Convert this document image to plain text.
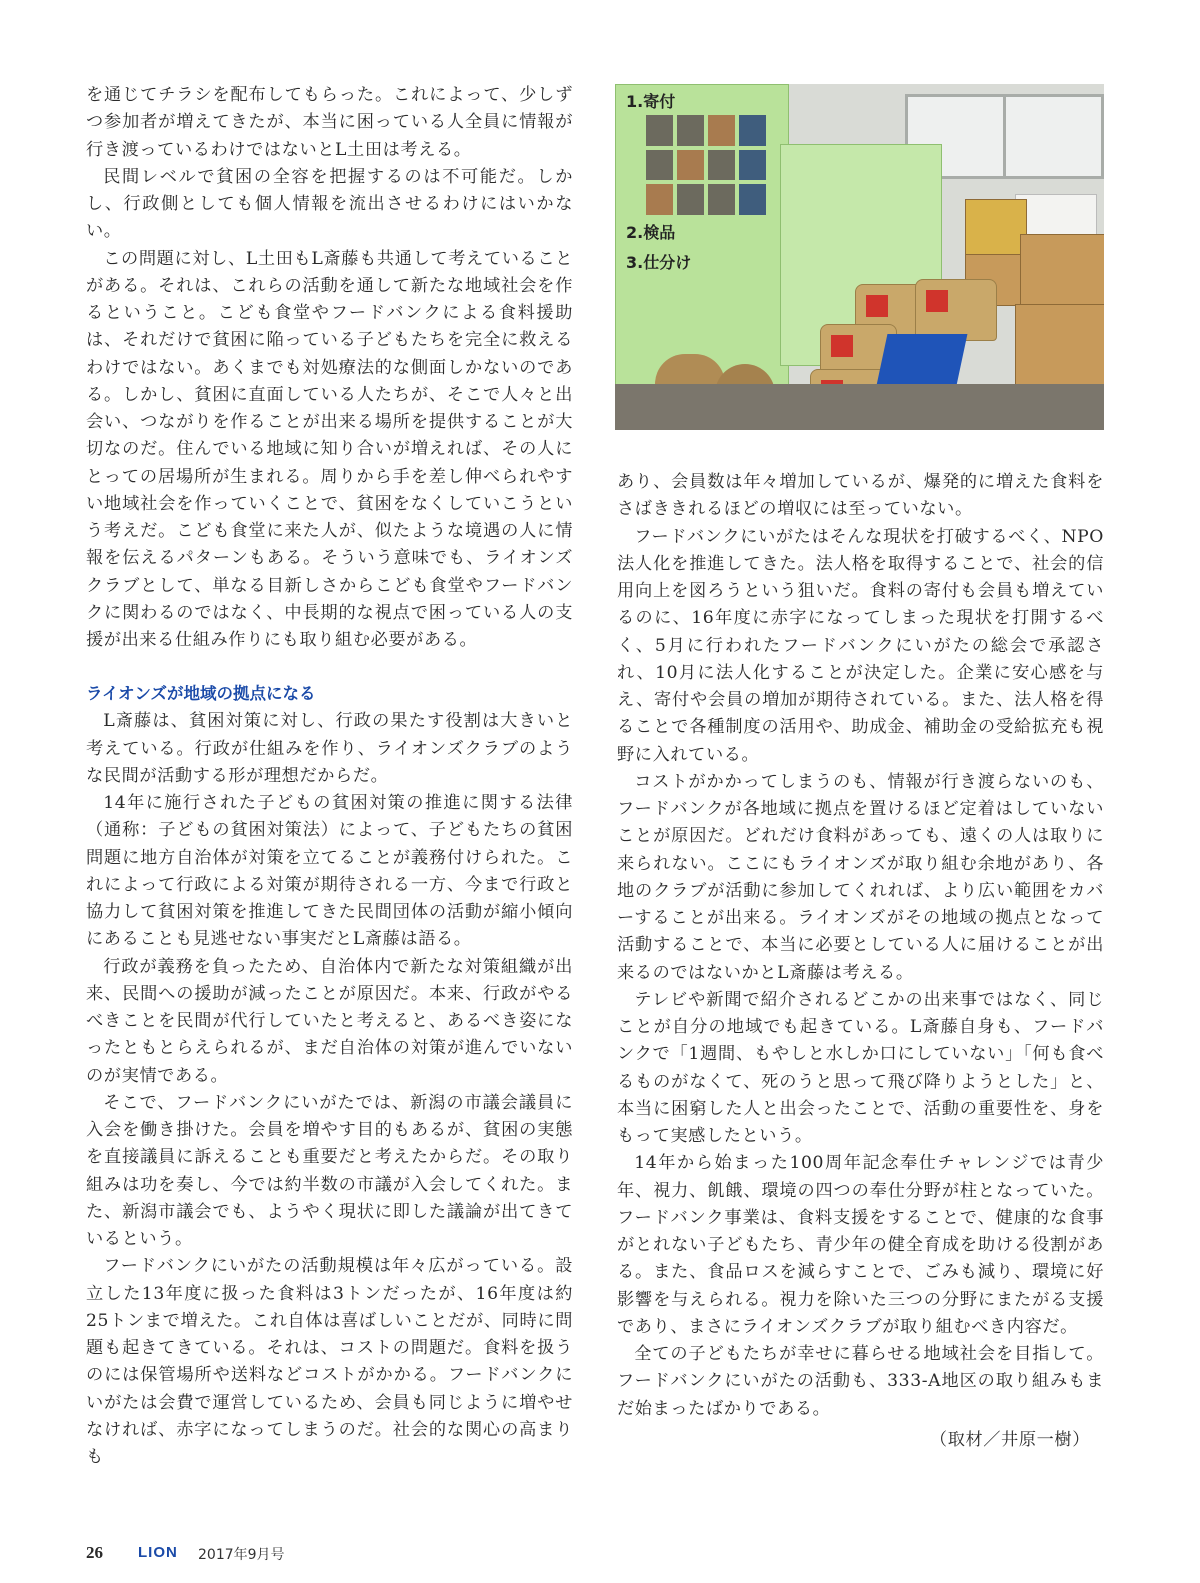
を通じてチラシを配布してもらった。これによって、少しずつ参加者が増えてきたが、本当に困っている人全員に情報が行き渡っているわけではないとL土田は考える。

民間レベルで貧困の全容を把握するのは不可能だ。しかし、行政側としても個人情報を流出させるわけにはいかない。

この問題に対し、L土田もL斎藤も共通して考えていることがある。それは、これらの活動を通して新たな地域社会を作るということ。こども食堂やフードバンクによる食料援助は、それだけで貧困に陥っている子どもたちを完全に救えるわけではない。あくまでも対処療法的な側面しかないのである。しかし、貧困に直面している人たちが、そこで人々と出会い、つながりを作ることが出来る場所を提供することが大切なのだ。住んでいる地域に知り合いが増えれば、その人にとっての居場所が生まれる。周りから手を差し伸べられやすい地域社会を作っていくことで、貧困をなくしていこうという考えだ。こども食堂に来た人が、似たような境遇の人に情報を伝えるパターンもある。そういう意味でも、ライオンズクラブとして、単なる目新しさからこども食堂やフードバンクに関わるのではなく、中長期的な視点で困っている人の支援が出来る仕組み作りにも取り組む必要がある。

ライオンズが地域の拠点になる

L斎藤は、貧困対策に対し、行政の果たす役割は大きいと考えている。行政が仕組みを作り、ライオンズクラブのような民間が活動する形が理想だからだ。

14年に施行された子どもの貧困対策の推進に関する法律（通称：子どもの貧困対策法）によって、子どもたちの貧困問題に地方自治体が対策を立てることが義務付けられた。これによって行政による対策が期待される一方、今まで行政と協力して貧困対策を推進してきた民間団体の活動が縮小傾向にあることも見逃せない事実だとL斎藤は語る。

行政が義務を負ったため、自治体内で新たな対策組織が出来、民間への援助が減ったことが原因だ。本来、行政がやるべきことを民間が代行していたと考えると、あるべき姿になったともとらえられるが、まだ自治体の対策が進んでいないのが実情である。

そこで、フードバンクにいがたでは、新潟の市議会議員に入会を働き掛けた。会員を増やす目的もあるが、貧困の実態を直接議員に訴えることも重要だと考えたからだ。その取り組みは功を奏し、今では約半数の市議が入会してくれた。また、新潟市議会でも、ようやく現状に即した議論が出てきているという。

フードバンクにいがたの活動規模は年々広がっている。設立した13年度に扱った食料は3トンだったが、16年度は約25トンまで増えた。これ自体は喜ばしいことだが、同時に問題も起きてきている。それは、コストの問題だ。食料を扱うのには保管場所や送料などコストがかかる。フードバンクにいがたは会費で運営しているため、会員も同じように増やせなければ、赤字になってしまうのだ。社会的な関心の高まりも

1.寄付
2.検品
3.仕分け

あり、会員数は年々増加しているが、爆発的に増えた食料をさばききれるほどの増収には至っていない。

フードバンクにいがたはそんな現状を打破するべく、NPO法人化を推進してきた。法人格を取得することで、社会的信用向上を図ろうという狙いだ。食料の寄付も会員も増えているのに、16年度に赤字になってしまった現状を打開するべく、5月に行われたフードバンクにいがたの総会で承認され、10月に法人化することが決定した。企業に安心感を与え、寄付や会員の増加が期待されている。また、法人格を得ることで各種制度の活用や、助成金、補助金の受給拡充も視野に入れている。

コストがかかってしまうのも、情報が行き渡らないのも、フードバンクが各地域に拠点を置けるほど定着はしていないことが原因だ。どれだけ食料があっても、遠くの人は取りに来られない。ここにもライオンズが取り組む余地があり、各地のクラブが活動に参加してくれれば、より広い範囲をカバーすることが出来る。ライオンズがその地域の拠点となって活動することで、本当に必要としている人に届けることが出来るのではないかとL斎藤は考える。

テレビや新聞で紹介されるどこかの出来事ではなく、同じことが自分の地域でも起きている。L斎藤自身も、フードバンクで「1週間、もやしと水しか口にしていない」「何も食べるものがなくて、死のうと思って飛び降りようとした」と、本当に困窮した人と出会ったことで、活動の重要性を、身をもって実感したという。

14年から始まった100周年記念奉仕チャレンジでは青少年、視力、飢餓、環境の四つの奉仕分野が柱となっていた。フードバンク事業は、食料支援をすることで、健康的な食事がとれない子どもたち、青少年の健全育成を助ける役割がある。また、食品ロスを減らすことで、ごみも減り、環境に好影響を与えられる。視力を除いた三つの分野にまたがる支援であり、まさにライオンズクラブが取り組むべき内容だ。

全ての子どもたちが幸せに暮らせる地域社会を目指して。フードバンクにいがたの活動も、333-A地区の取り組みもまだ始まったばかりである。

（取材／井原一樹）

26 LION 2017年9月号
